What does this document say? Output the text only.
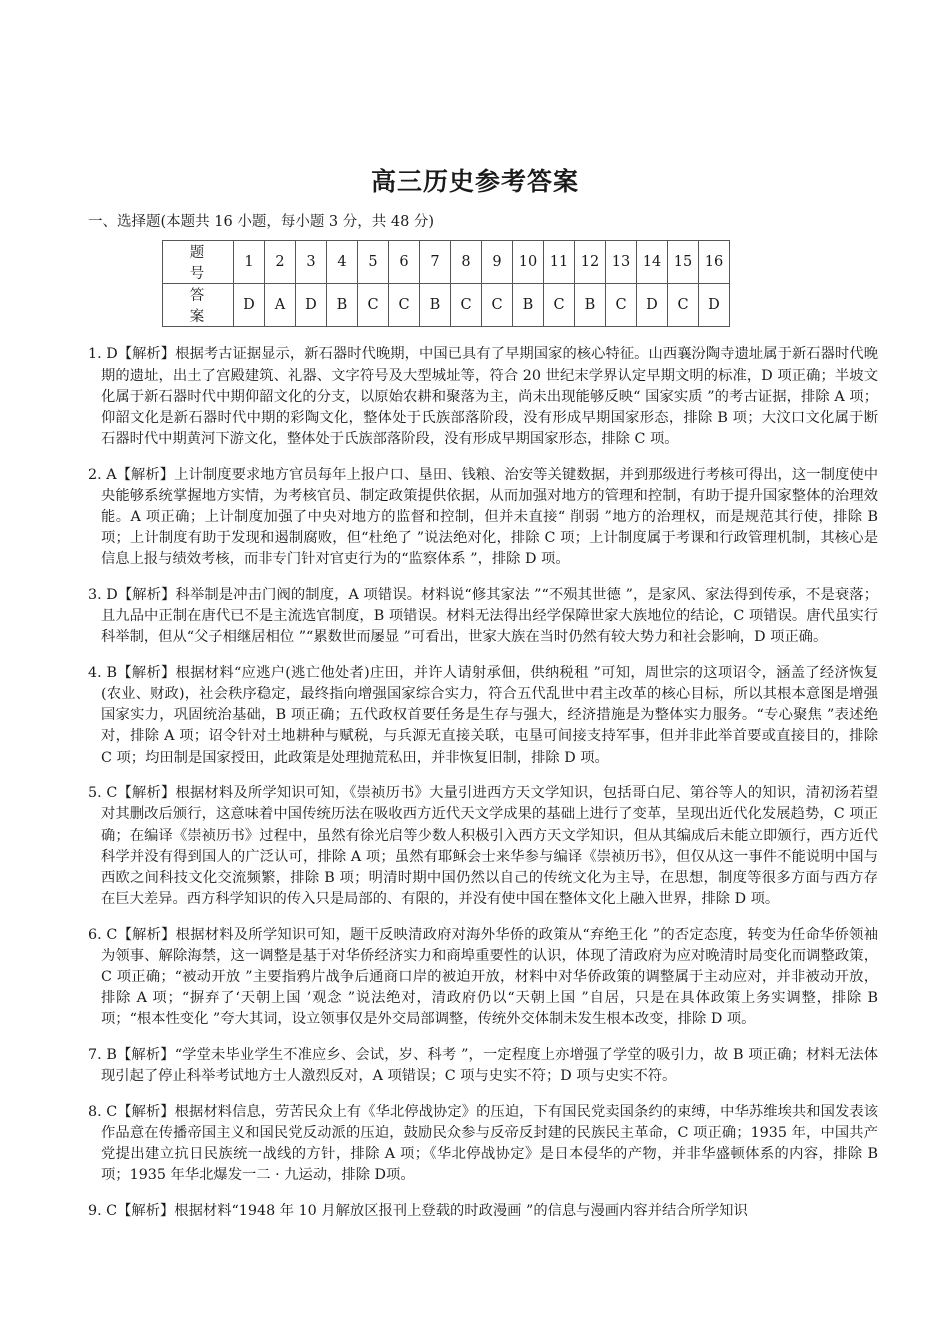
高三历史参考答案
一、选择题(本题共 16 小题，每小题 3 分，共 48 分)
题 号	1	2	3	4	5	6	7	8	9	10	11	12	13	14	15	16
答 案	D	A	D	B	C	C	B	C	C	B	C	B	C	D	C	D

1. D【解析】根据考古证据显示，新石器时代晚期，中国已具有了早期国家的核心特征。山西襄汾陶寺遗址属于新石器时代晚期的遗址，出土了宫殿建筑、礼器、文字符号及大型城址等，符合 20 世纪末学界认定早期文明的标准，D 项正确；半坡文化属于新石器时代中期仰韶文化的分支，以原始农耕和聚落为主，尚未出现能够反映“ 国家实质 ”的考古证据，排除 A 项；仰韶文化是新石器时代中期的彩陶文化，整体处于氏族部落阶段，没有形成早期国家形态，排除 B 项；大汶口文化属于断石器时代中期黄河下游文化，整体处于氏族部落阶段，没有形成早期国家形态，排除 C 项。

2. A【解析】上计制度要求地方官员每年上报户口、垦田、钱粮、治安等关键数据，并到那级进行考核可得出，这一制度使中央能够系统掌握地方实情，为考核官员、制定政策提供依据，从而加强对地方的管理和控制，有助于提升国家整体的治理效能。A 项正确；上计制度加强了中央对地方的监督和控制，但并未直接“ 削弱 ”地方的治理权，而是规范其行使，排除 B 项；上计制度有助于发现和遏制腐败，但“杜绝了 ”说法绝对化，排除 C 项；上计制度属于考课和行政管理机制，其核心是信息上报与绩效考核，而非专门针对官吏行为的“监察体系 ”，排除 D 项。

3. D【解析】科举制是冲击门阀的制度，A 项错误。材料说“修其家法 ”“不殒其世德 ”，是家风、家法得到传承，不是衰落；且九品中正制在唐代已不是主流选官制度，B 项错误。材料无法得出经学保障世家大族地位的结论，C 项错误。唐代虽实行科举制，但从“父子相继居相位 ”“累数世而屡显 ”可看出，世家大族在当时仍然有较大势力和社会影响，D 项正确。

4. B【解析】根据材料“应逃户(逃亡他处者)庄田，并许人请射承佃，供纳税租 ”可知，周世宗的这项诏令，涵盖了经济恢复(农业、财政)，社会秩序稳定，最终指向增强国家综合实力，符合五代乱世中君主改革的核心目标，所以其根本意图是增强国家实力，巩固统治基础，B 项正确；五代政权首要任务是生存与强大，经济措施是为整体实力服务。“专心聚焦 ”表述绝对，排除 A 项；诏令针对土地耕种与赋税，与兵源无直接关联，屯垦可间接支持军事，但并非此举首要或直接目的，排除 C 项；均田制是国家授田，此政策是处理抛荒私田，并非恢复旧制，排除 D 项。

5. C【解析】根据材料及所学知识可知，《崇祯历书》大量引进西方天文学知识，包括哥白尼、第谷等人的知识，清初汤若望对其删改后颁行，这意味着中国传统历法在吸收西方近代天文学成果的基础上进行了变革，呈现出近代化发展趋势，C 项正确；在编译《崇祯历书》过程中，虽然有徐光启等少数人积极引入西方天文学知识，但从其编成后未能立即颁行，西方近代科学并没有得到国人的广泛认可，排除 A 项；虽然有耶稣会士来华参与编译《崇祯历书》，但仅从这一事件不能说明中国与西欧之间科技文化交流频繁，排除 B 项；明清时期中国仍然以自己的传统文化为主导，在思想，制度等很多方面与西方存在巨大差异。西方科学知识的传入只是局部的、有限的，并没有使中国在整体文化上融入世界，排除 D 项。

6. C【解析】根据材料及所学知识可知，题干反映清政府对海外华侨的政策从“弃绝王化 ”的否定态度，转变为任命华侨领袖为领事、解除海禁，这一调整是基于对华侨经济实力和商埠重要性的认识，体现了清政府为应对晚清时局变化而调整政策，C 项正确；“被动开放 ”主要指鸦片战争后通商口岸的被迫开放，材料中对华侨政策的调整属于主动应对，并非被动开放，排除 A 项；“摒弃了‘天朝上国 ’观念 ”说法绝对，清政府仍以“天朝上国 ”自居，只是在具体政策上务实调整，排除 B 项；“根本性变化 ”夸大其词，设立领事仅是外交局部调整，传统外交体制未发生根本改变，排除 D 项。

7. B【解析】“学堂未毕业学生不准应乡、会试，岁、科考 ”，一定程度上亦增强了学堂的吸引力，故 B 项正确；材料无法体现引起了停止科举考试地方士人激烈反对，A 项错误；C 项与史实不符；D 项与史实不符。

8. C【解析】根据材料信息，劳苦民众上有《华北停战协定》的压迫，下有国民党卖国条约的束缚，中华苏维埃共和国发表该作品意在传播帝国主义和国民党反动派的压迫，鼓励民众参与反帝反封建的民族民主革命，C 项正确；1935 年，中国共产党提出建立抗日民族统一战线的方针，排除 A 项；《华北停战协定》是日本侵华的产物，并非华盛顿体系的内容，排除 B 项；1935 年华北爆发一二 · 九运动，排除 D项。

9. C【解析】根据材料“1948 年 10 月解放区报刊上登载的时政漫画 ”的信息与漫画内容并结合所学知识
